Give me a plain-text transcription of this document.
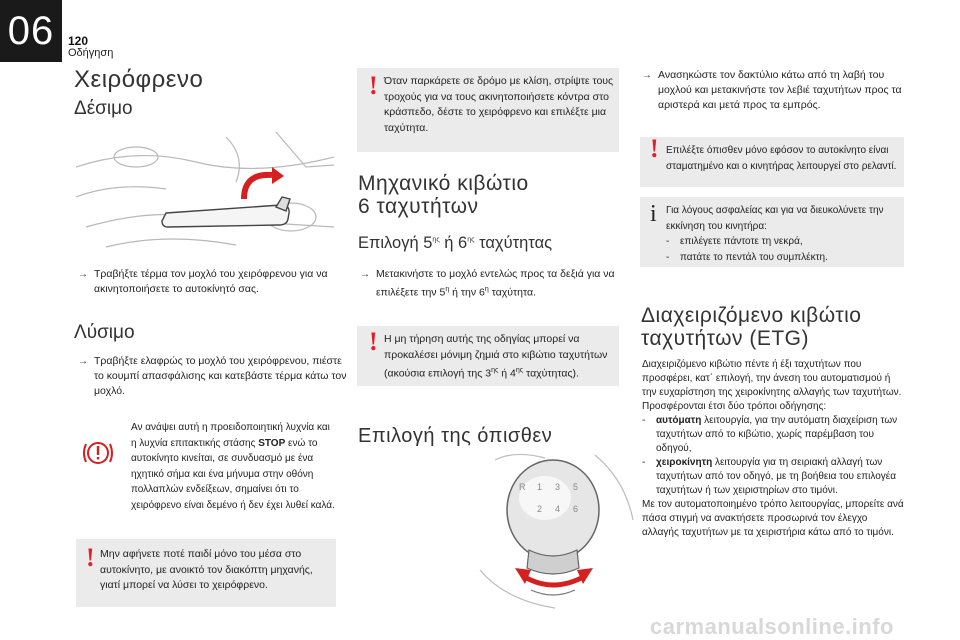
06	120
Οδήγηση
Χειρόφρενο
Δέσιμο
→ Τραβήξτε τέρμα τον μοχλό του χειρόφρενου για να ακινητοποιήσετε το αυτοκίνητό σας.
Λύσιμο
→ Τραβήξτε ελαφρώς το μοχλό του χειρόφρενου, πιέστε το κουμπί απασφάλισης και κατεβάστε τέρμα κάτω τον μοχλό.
Αν ανάψει αυτή η προειδοποιητική λυχνία και η λυχνία επιτακτικής στάσης STOP ενώ το αυτοκίνητο κινείται, σε συνδυασμό με ένα ηχητικό σήμα και ένα μήνυμα στην οθόνη πολλαπλών ενδείξεων, σημαίνει ότι το χειρόφρενο είναι δεμένο ή δεν έχει λυθεί καλά.
! Μην αφήνετε ποτέ παιδί μόνο του μέσα στο αυτοκίνητο, με ανοικτό τον διακόπτη μηχανής, γιατί μπορεί να λύσει το χειρόφρενο.
! Όταν παρκάρετε σε δρόμο με κλίση, στρίψτε τους τροχούς για να τους ακινητοποιήσετε κόντρα στο κράσπεδο, δέστε το χειρόφρενο και επιλέξτε μια ταχύτητα.
Μηχανικό κιβώτιο
6 ταχυτήτων
Επιλογή $5^{\eta\varsigma}$ ή $6^{\eta\varsigma}$ ταχύτητας
→ Μετακινήστε το μοχλό εντελώς προς τα δεξιά για να επιλέξετε την $5^\eta$ ή την $6^\eta$ ταχύτητα.
! Η μη τήρηση αυτής της οδηγίας μπορεί να προκαλέσει μόνιμη ζημιά στο κιβώτιο ταχυτήτων (ακούσια επιλογή της $3^{\eta\varsigma}$ ή $4^{\eta\varsigma}$ ταχύτητας).
Επιλογή της όπισθεν
1
2
3
4
5
6
R
→ Ανασηκώστε τον δακτύλιο κάτω από τη λαβή του μοχλού και μετακινήστε τον λεβιέ ταχυτήτων προς τα αριστερά και μετά προς τα εμπρός.
! Επιλέξτε όπισθεν μόνο εφόσον το αυτοκίνητο είναι σταματημένο και ο κινητήρας λειτουργεί στο ρελαντί.
i Για λόγους ασφαλείας και για να διευκολύνετε την εκκίνηση του κινητήρα:
- επιλέγετε πάντοτε τη νεκρά,
- πατάτε το πεντάλ του συμπλέκτη.
Διαχειριζόμενο κιβώτιο
ταχυτήτων (ETG)
Διαχειριζόμενο κιβώτιο πέντε ή έξι ταχυτήτων που προσφέρει, κατ΄ επιλογή, την άνεση του αυτοματισμού ή την ευχαρίστηση της χειροκίνητης αλλαγής των ταχυτήτων.
Προσφέρονται έτσι δύο τρόποι οδήγησης:
- αυτόματη λειτουργία, για την αυτόματη διαχείριση των ταχυτήτων από το κιβώτιο, χωρίς παρέμβαση του οδηγού,
- χειροκίνητη λειτουργία για τη σειριακή αλλαγή των ταχυτήτων από τον οδηγό, με τη βοήθεια του επιλογέα ταχυτήτων ή των χειριστηρίων στο τιμόνι.
Με τον αυτοματοποιημένο τρόπο λειτουργίας, μπορείτε ανά πάσα στιγμή να ανακτήσετε προσωρινά τον έλεγχο αλλαγής ταχυτήτων με τα χειριστήρια κάτω από το τιμόνι.
carmanualsonline.info
